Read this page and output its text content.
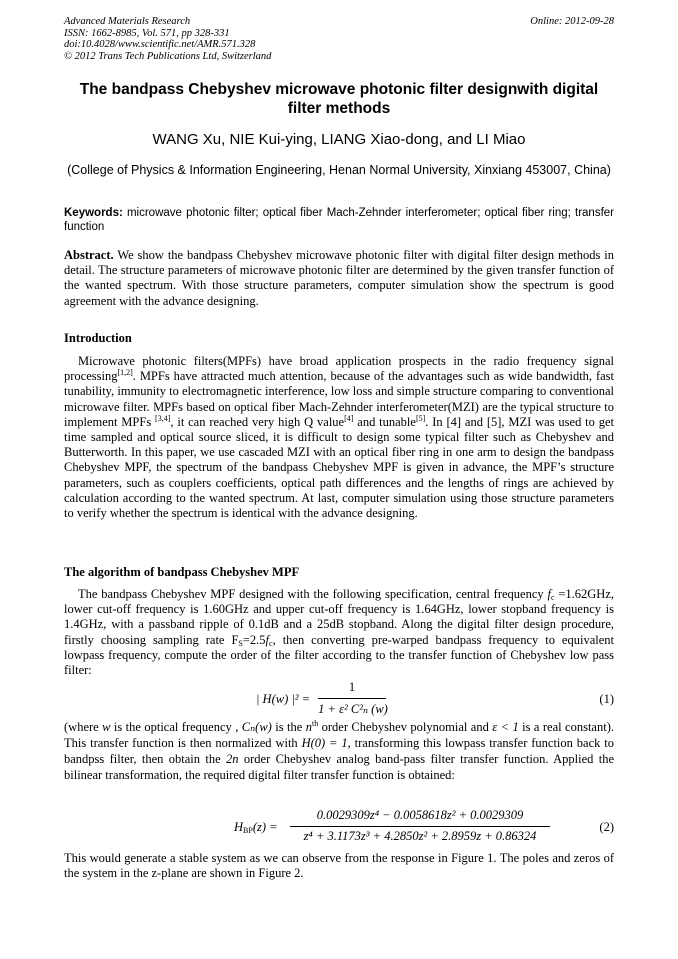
Advanced Materials Research
ISSN: 1662-8985, Vol. 571, pp 328-331
doi:10.4028/www.scientific.net/AMR.571.328
© 2012 Trans Tech Publications Ltd, Switzerland
Online: 2012-09-28
The bandpass Chebyshev microwave photonic filter designwith digital filter methods
WANG Xu, NIE Kui-ying, LIANG Xiao-dong, and LI Miao
(College of Physics & Information Engineering, Henan Normal University, Xinxiang 453007, China)
Keywords: microwave photonic filter; optical fiber Mach-Zehnder interferometer; optical fiber ring; transfer function
Abstract. We show the bandpass Chebyshev microwave photonic filter with digital filter design methods in detail. The structure parameters of microwave photonic filter are determined by the given transfer function of the wanted spectrum. With those structure parameters, computer simulation show the spectrum is good agreement with the advance designing.
Introduction

Microwave photonic filters(MPFs) have broad application prospects in the radio frequency signal processing[1,2]. MPFs have attracted much attention, because of the advantages such as wide bandwidth, fast tunability, immunity to electromagnetic interference, low loss and simple structure comparing to conventional microwave filter. MPFs based on optical fiber Mach-Zehnder interferometer(MZI) are the typical structure to implement MPFs [3,4], it can reached very high Q value[4] and tunable[5]. In [4] and [5], MZI was used to get time sampled and optical source sliced, it is difficult to design some typical filter such as Chebyshev and Butterworth. In this paper, we use cascaded MZI with an optical fiber ring in one arm to design the bandpass Chebyshev MPF, the spectrum of the bandpass Chebyshev MPF is given in advance, the MPF’s structure parameters, such as couplers coefficients, optical path differences and the lengths of rings are achieved by calculation according to the wanted spectrum. At last, computer simulation using those structure parameters to verify whether the spectrum is identical with the advance designing.

The algorithm of bandpass Chebyshev MPF

The bandpass Chebyshev MPF designed with the following specification, central frequency $f_c =1.62GHz$, lower cut-off frequency is 1.60GHz and upper cut-off frequency is 1.64GHz, lower stopband frequency is 1.4GHz, with a passband ripple of 0.1dB and a 25dB stopband. Along the digital filter design procedure, firstly choosing sampling rate $F_S=2.5f_c$, then converting pre-warped bandpass frequency to equivalent lowpass frequency, compute the order of the filter according to the transfer function of Chebyshev low pass filter:

| H(w) |² =
1
1 + ε² C²ₙ (w)
(1)
(where w is the optical frequency , Cₙ(w) is the $n^{th}$ order Chebyshev polynomial and ε < 1 is a real constant). This transfer function is then normalized with H(0) = 1, transforming this lowpass transfer function back to bandpss filter, then obtain the 2n order Chebyshev analog band-pass filter transfer function. Applied the bilinear transformation, the required digital filter transfer function is obtained:
$H_{BP}(z)$ =
0.0029309z⁴ − 0.0058618z² + 0.0029309
z⁴ + 3.1173z³ + 4.2850z² + 2.8959z + 0.86324
(2)
This would generate a stable system as we can observe from the response in Figure 1. The poles and zeros of the system in the z-plane are shown in Figure 2.
